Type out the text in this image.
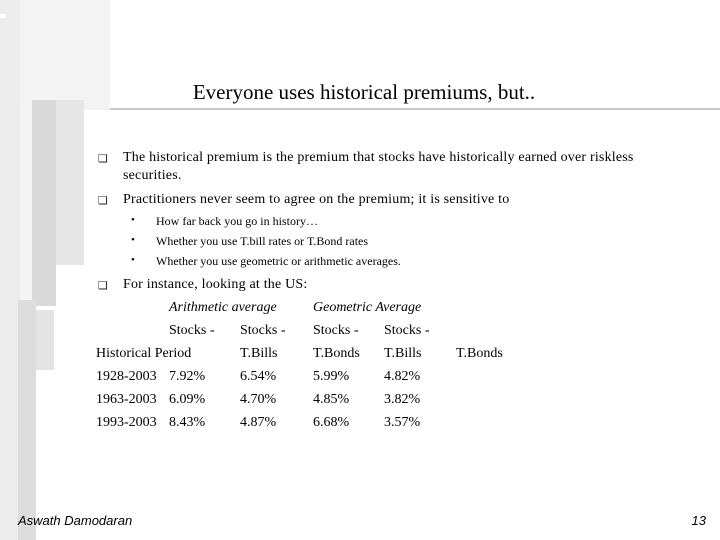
Everyone uses historical premiums, but..
❏ The historical premium is the premium that stocks have historically earned over riskless
securities.
❏ Practitioners never seem to agree on the premium; it is sensitive to
• How far back you go in history…
• Whether you use T.bill rates or T.Bond rates
• Whether you use geometric or arithmetic averages.
❏ For instance, looking at the US:
Arithmetic average	Geometric Average
Stocks - Stocks - Stocks - Stocks -
Historical Period	T.Bills	T.Bonds T.Bills T.Bonds
1928-2003 7.92% 6.54%	5.99% 4.82%
1963-2003 6.09% 4.70%	4.85% 3.82%
1993-2003 8.43% 4.87%	6.68% 3.57%
Aswath Damodaran	13
